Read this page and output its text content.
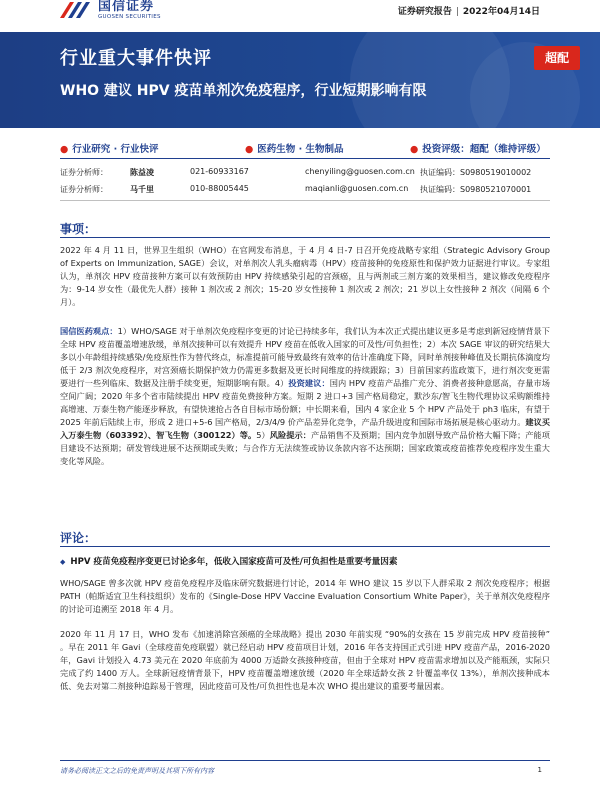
国信证券
GUOSEN SECURITIES	证券研究报告 | 2022年04月14日
行业重大事件快评
WHO 建议 HPV 疫苗单剂次免疫程序，行业短期影响有限
超配
● 行业研究 · 行业快评	● 医药生物 · 生物制品	● 投资评级：超配（维持评级）
证券分析师：	陈益凌	021-60933167	chenyiling@guosen.com.cn 执证编码：S0980519010002
证券分析师：	马千里	010-88005445	maqianli@guosen.com.cn 执证编码：S0980521070001
事项：
2022 年 4 月 11 日，世界卫生组织（WHO）在官网发布消息，于 4 月 4 日-7 日召开免疫战略专家组（Strategic Advisory Group of Experts on Immunization, SAGE）会议，对单剂次人乳头瘤病毒（HPV）疫苗接种的免疫原性和保护效力证据进行审议。专家组认为，单剂次 HPV 疫苗接种方案可以有效预防由 HPV 持续感染引起的宫颈癌，且与两剂或三剂方案的效果相当，建议修改免疫程序为：9-14 岁女性（最优先人群）接种 1 剂次或 2 剂次；15-20 岁女性接种 1 剂次或 2 剂次；21 岁以上女性接种 2 剂次（间隔 6 个月）。
国信医药观点：1）WHO/SAGE 对于单剂次免疫程序变更的讨论已持续多年，我们认为本次正式提出建议更多是考虑到新冠疫情背景下全球 HPV 疫苗覆盖增速放缓，单剂次接种可以有效提升 HPV 疫苗在低收入国家的可及性/可负担性；2）本次 SAGE 审议的研究结果大多以小年龄组持续感染/免疫原性作为替代终点，标准提前可能导致最终有效率的估计准确度下降，同时单剂接种峰值及长期抗体滴度均低于 2/3 剂次免疫程序，对宫颈癌长期保护效力仍需更多数据及更长时间维度的持续跟踪；3）目前国家药监政策下，进行剂次变更需要进行一些列临床、数据及注册手续变更，短期影响有限。4）投资建议：国内 HPV 疫苗产品推广充分、消费者接种意愿高，存量市场空间广阔；2020 年多个省市陆续提出 HPV 疫苗免费接种方案。短期 2 进口+3 国产格局稳定，默沙东/智飞生物代理协议采购额维持高增速、万泰生物产能逐步释放，有望快速抢占各自目标市场份额；中长期来看，国内 4 家企业 5 个 HPV 产品处于 ph3 临床，有望于 2025 年前后陆续上市，形成 2 进口+5-6 国产格局，2/3/4/9 价产品差异化竞争，产品升级进度和国际市场拓展是核心驱动力。建议买入万泰生物（603392）、智飞生物（300122）等。5）风险提示：产品销售不及预期；国内竞争加剧导致产品价格大幅下降；产能项目建设不达预期；研发管线进展不达预期或失败；与合作方无法续签或协议条款内容不达预期；国家政策或疫苗推荐免疫程序发生重大变化等风险。
评论：
◆ HPV 疫苗免疫程序变更已讨论多年，低收入国家疫苗可及性/可负担性是重要考量因素
WHO/SAGE 曾多次就 HPV 疫苗免疫程序及临床研究数据进行讨论，2014 年 WHO 建议 15 岁以下人群采取 2 剂次免疫程序；根据 PATH（帕斯适宜卫生科技组织）发布的《Single-Dose HPV Vaccine Evaluation Consortium White Paper》，关于单剂次免疫程序的讨论可追溯至 2018 年 4 月。
2020 年 11 月 17 日，WHO 发布《加速消除宫颈癌的全球战略》提出 2030 年前实现 “90%的女孩在 15 岁前完成 HPV 疫苗接种” 。早在 2011 年 Gavi（全球疫苗免疫联盟）就已经启动 HPV 疫苗项目计划，2016 年各支持国正式引进 HPV 疫苗产品，2016-2020 年，Gavi 计划投入 4.73 美元在 2020 年底前为 4000 万适龄女孩接种疫苗，但由于全球对 HPV 疫苗需求增加以及产能瓶颈，实际只完成了约 1400 万人。全球新冠疫情背景下，HPV 疫苗覆盖增速放缓（2020 年全球适龄女孩 2 针覆盖率仅 13%），单剂次接种成本低、免去对第二剂接种追踪易于管理，因此疫苗可及性/可负担性也是本次 WHO 提出建议的重要考量因素。
请务必阅读正文之后的免责声明及其项下所有内容	1
